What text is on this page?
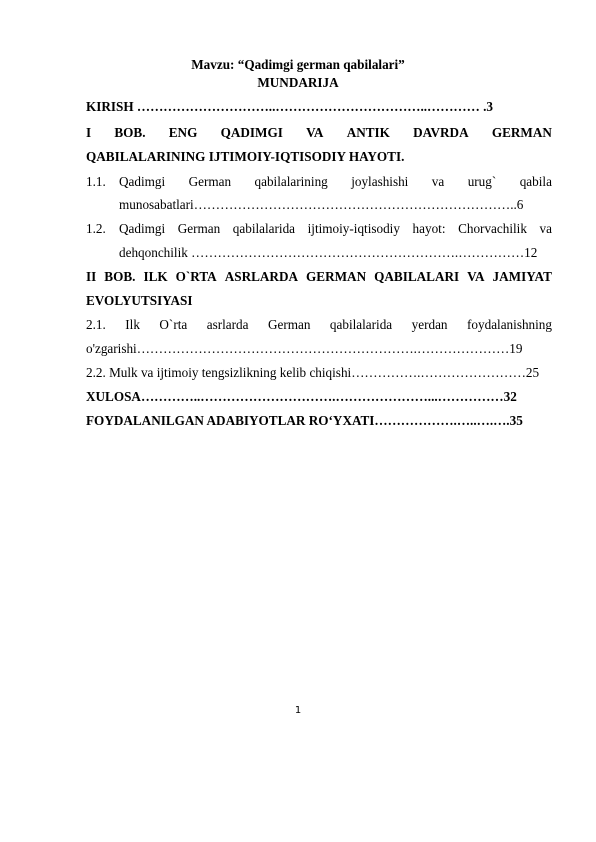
Mavzu: “Qadimgi german qabilalari”
MUNDARIJA
KIRISH …………………………..……………………………..………… .3
I BOB. ENG QADIMGI VA ANTIK DAVRDA GERMAN
QABILALARINING IJTIMOIY-IQTISODIY HAYOTI.
1.1. Qadimgi German qabilalarining joylashishi va urug` qabila
munosabatlari………………………………………………………………..6
1.2. Qadimgi German qabilalarida ijtimoiy-iqtisodiy hayot: Chorvachilik va
dehqonchilik …………………………………………………….……………12
II BOB. ILK O`RTA ASRLARDA GERMAN QABILALARI VA JAMIYAT
EVOLYUTSIYASI
2.1. Ilk O`rta asrlarda German qabilalarida yerdan foydalanishning
o'zgarishi……………………………………………………….…………………19
2.2. Mulk va ijtimoiy tengsizlikning kelib chiqishi…………….……………………25
XULOSA…………..………………………….…………………...……………32
FOYDALANILGAN ADABIYOTLAR RO‘YXATI……………….…..….….35
1
